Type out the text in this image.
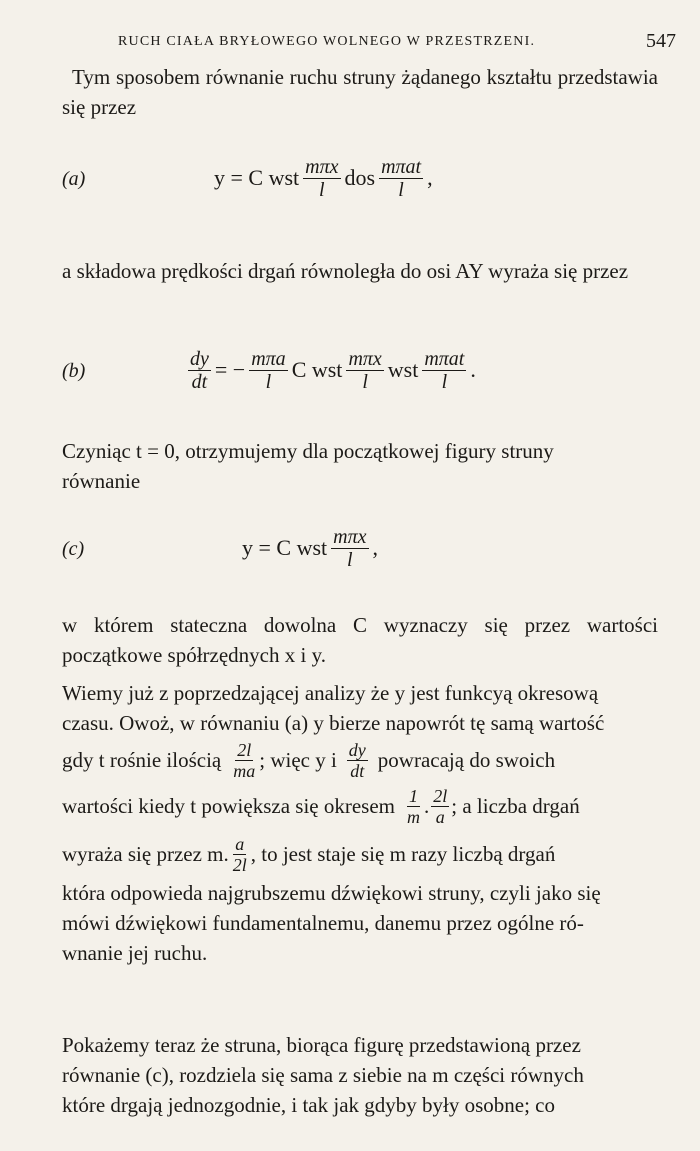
RUCH CIAŁA BRYŁOWEGO WOLNEGO W PRZESTRZENI.	547
Tym sposobem równanie ruchu struny żądanego kształtu przedstawia się przez
(a)	y = C wst $\frac{\text{mπx}}{l}$ dos $\frac{\text{mπat}}{l}$ ,
a składowa prędkości drgań równoległa do osi AY wyraża się przez
(b)	$\frac{dy}{dt}$ = − $\frac{\text{mπa}}{l}$ C wst $\frac{\text{mπx}}{l}$ wst $\frac{\text{mπat}}{l}$ .
Czyniąc t = 0, otrzymujemy dla początkowej figury struny
równanie
(c)	y = C wst $\frac{\text{mπx}}{l}$ ,
w którem stateczna dowolna C wyznaczy się przez wartości początkowe spółrzędnych x i y.
Wiemy już z poprzedzającej analizy że y jest funkcyą okresową
czasu. Owoż, w równaniu (a) y bierze napowrót tę samą wartość
gdy t rośnie ilością $\frac{2l}{ma}$ ; więc y i $\frac{dy}{dt}$ powracają do swoich
wartości kiedy t powiększa się okresem $\frac{1}{m}$ . $\frac{2l}{a}$ ; a liczba drgań
wyraża się przez m. $\frac{a}{2l}$ , to jest staje się m razy liczbą drgań
która odpowieda najgrubszemu dźwiękowi struny, czyli jako się
mówi dźwiękowi fundamentalnemu, danemu przez ogólne ró-
wnanie jej ruchu.
Pokażemy teraz że struna, biorąca figurę przedstawioną przez
równanie (c), rozdziela się sama z siebie na m części równych
które drgają jednozgodnie, i tak jak gdyby były osobne; co
